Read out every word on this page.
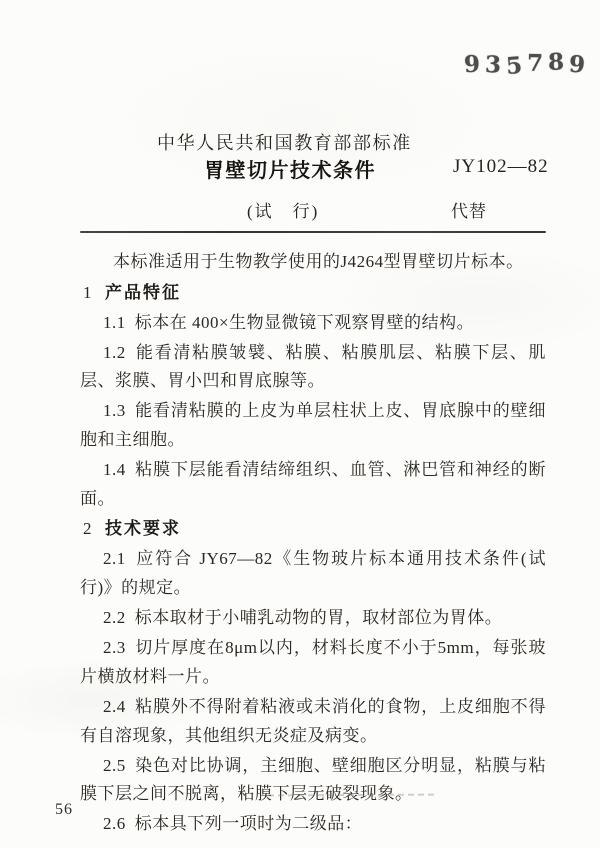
935789
中华人民共和国教育部部标准
胃壁切片技术条件	JY102—82
(试　行)	代替

本标准适用于生物教学使用的J4264型胃壁切片标本。

1 产品特征

1.1 标本在 400×生物显微镜下观察胃壁的结构。

1.2 能看清粘膜皱襞、粘膜、粘膜肌层、粘膜下层、肌层、浆膜、胃小凹和胃底腺等。

1.3 能看清粘膜的上皮为单层柱状上皮、胃底腺中的壁细胞和主细胞。

1.4 粘膜下层能看清结缔组织、血管、淋巴管和神经的断面。

2 技术要求

2.1 应符合 JY67—82《生物玻片标本通用技术条件(试行)》的规定。

2.2 标本取材于小哺乳动物的胃，取材部位为胃体。

2.3 切片厚度在8μm以内，材料长度不小于5mm，每张玻片横放材料一片。

2.4 粘膜外不得附着粘液或未消化的食物，上皮细胞不得有自溶现象，其他组织无炎症及病变。

2.5 染色对比协调，主细胞、壁细胞区分明显，粘膜与粘膜下层之间不脱离，粘膜下层无破裂现象。

2.6 标本具下列一项时为二级品：

56
